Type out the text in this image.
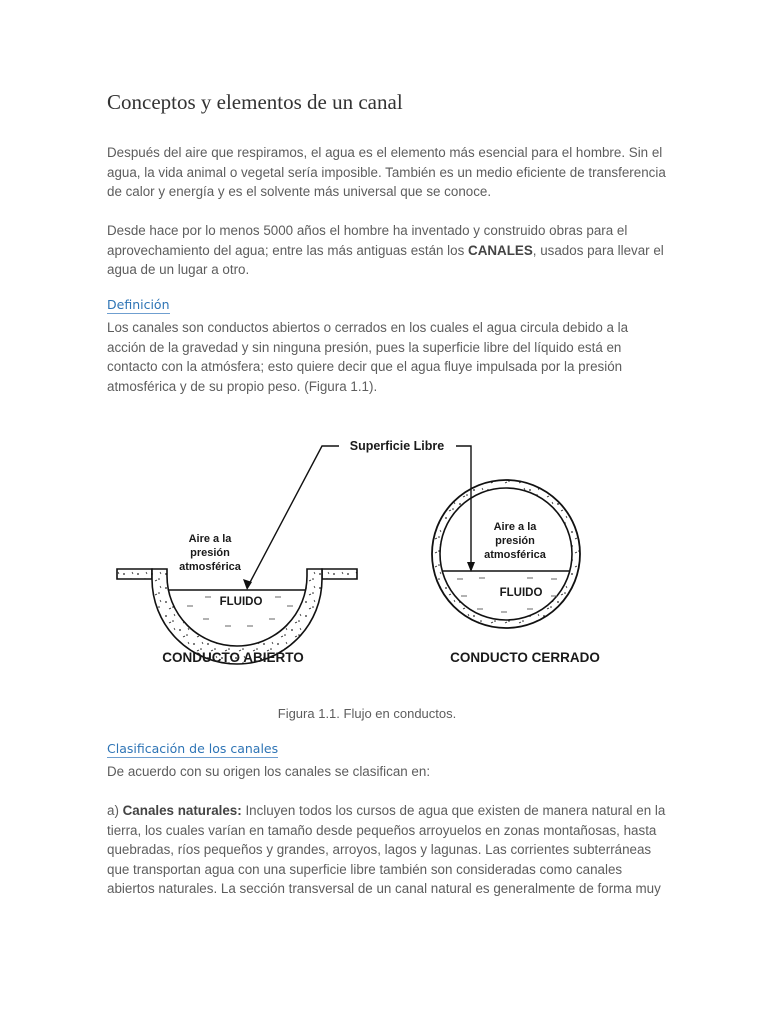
Conceptos y elementos de un canal

Después del aire que respiramos, el agua es el elemento más esencial para el hombre. Sin el agua, la vida animal o vegetal sería imposible. También es un medio eficiente de transferencia de calor y energía y es el solvente más universal que se conoce.

Desde hace por lo menos 5000 años el hombre ha inventado y construido obras para el aprovechamiento del agua; entre las más antiguas están los CANALES, usados para llevar el agua de un lugar a otro.

Definición

Los canales son conductos abiertos o cerrados en los cuales el agua circula debido a la acción de la gravedad y sin ninguna presión, pues la superficie libre del líquido está en contacto con la atmósfera; esto quiere decir que el agua fluye impulsada por la presión atmosférica y de su propio peso. (Figura 1.1).

Superficie Libre
Aire a la
presión
atmosférica
Aire a la
presión
atmosférica
FLUIDO
FLUIDO
CONDUCTO ABIERTO	CONDUCTO CERRADO

Figura 1.1. Flujo en conductos.

Clasificación de los canales

De acuerdo con su origen los canales se clasifican en:

a) Canales naturales: Incluyen todos los cursos de agua que existen de manera natural en la tierra, los cuales varían en tamaño desde pequeños arroyuelos en zonas montañosas, hasta quebradas, ríos pequeños y grandes, arroyos, lagos y lagunas. Las corrientes subterráneas que transportan agua con una superficie libre también son consideradas como canales abiertos naturales. La sección transversal de un canal natural es generalmente de forma muy
